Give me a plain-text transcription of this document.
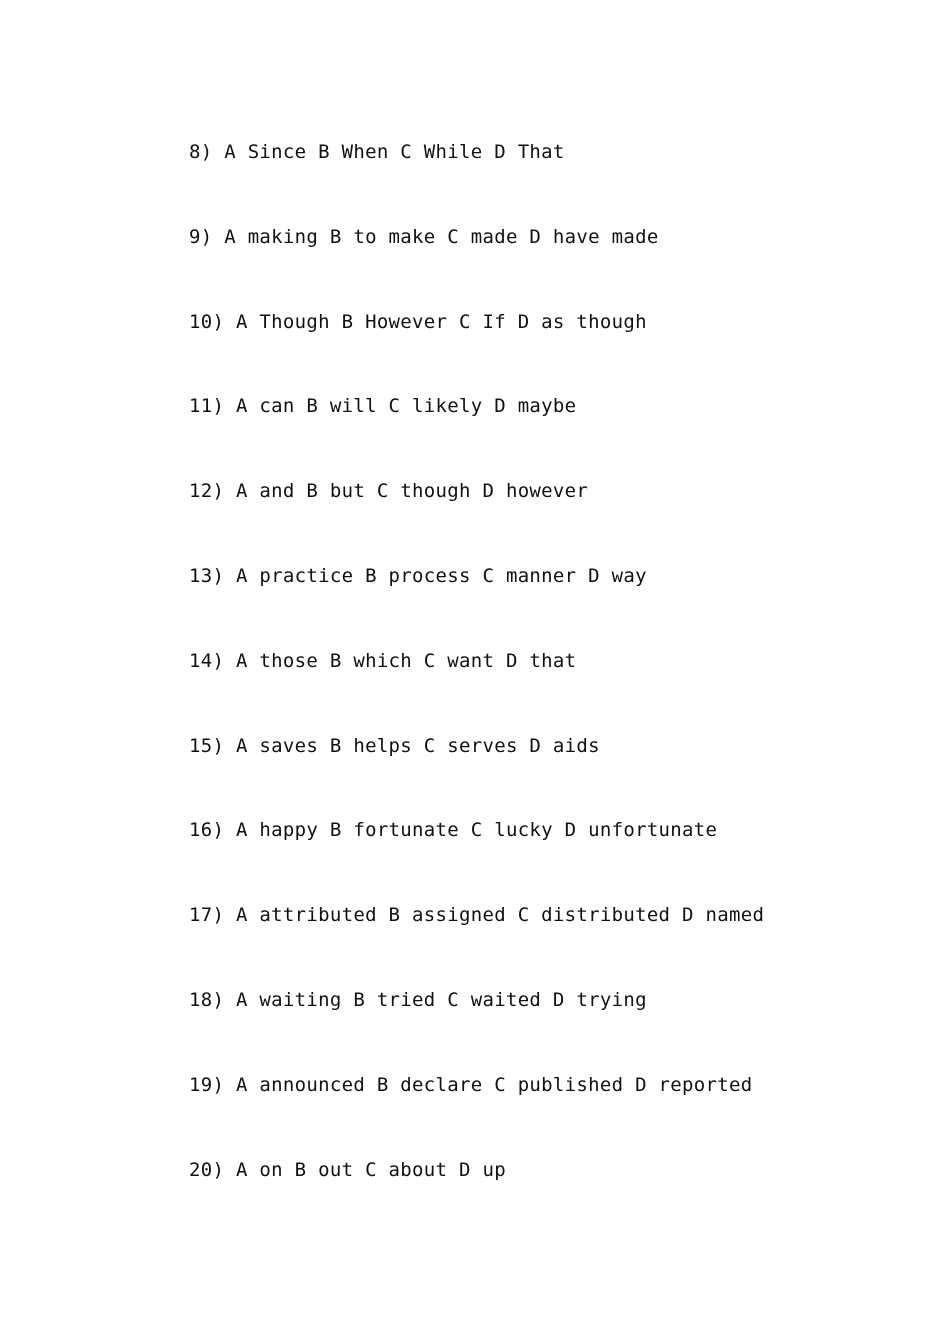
8) A Since B When C While D That
9) A making B to make C made D have made
10) A Though B However C If D as though
11) A can B will C likely D maybe
12) A and B but C though D however
13) A practice B process C manner D way
14) A those B which C want D that
15) A saves B helps C serves D aids
16) A happy B fortunate C lucky D unfortunate
17) A attributed B assigned C distributed D named
18) A waiting B tried C waited D trying
19) A announced B declare C published D reported
20) A on B out C about D up
